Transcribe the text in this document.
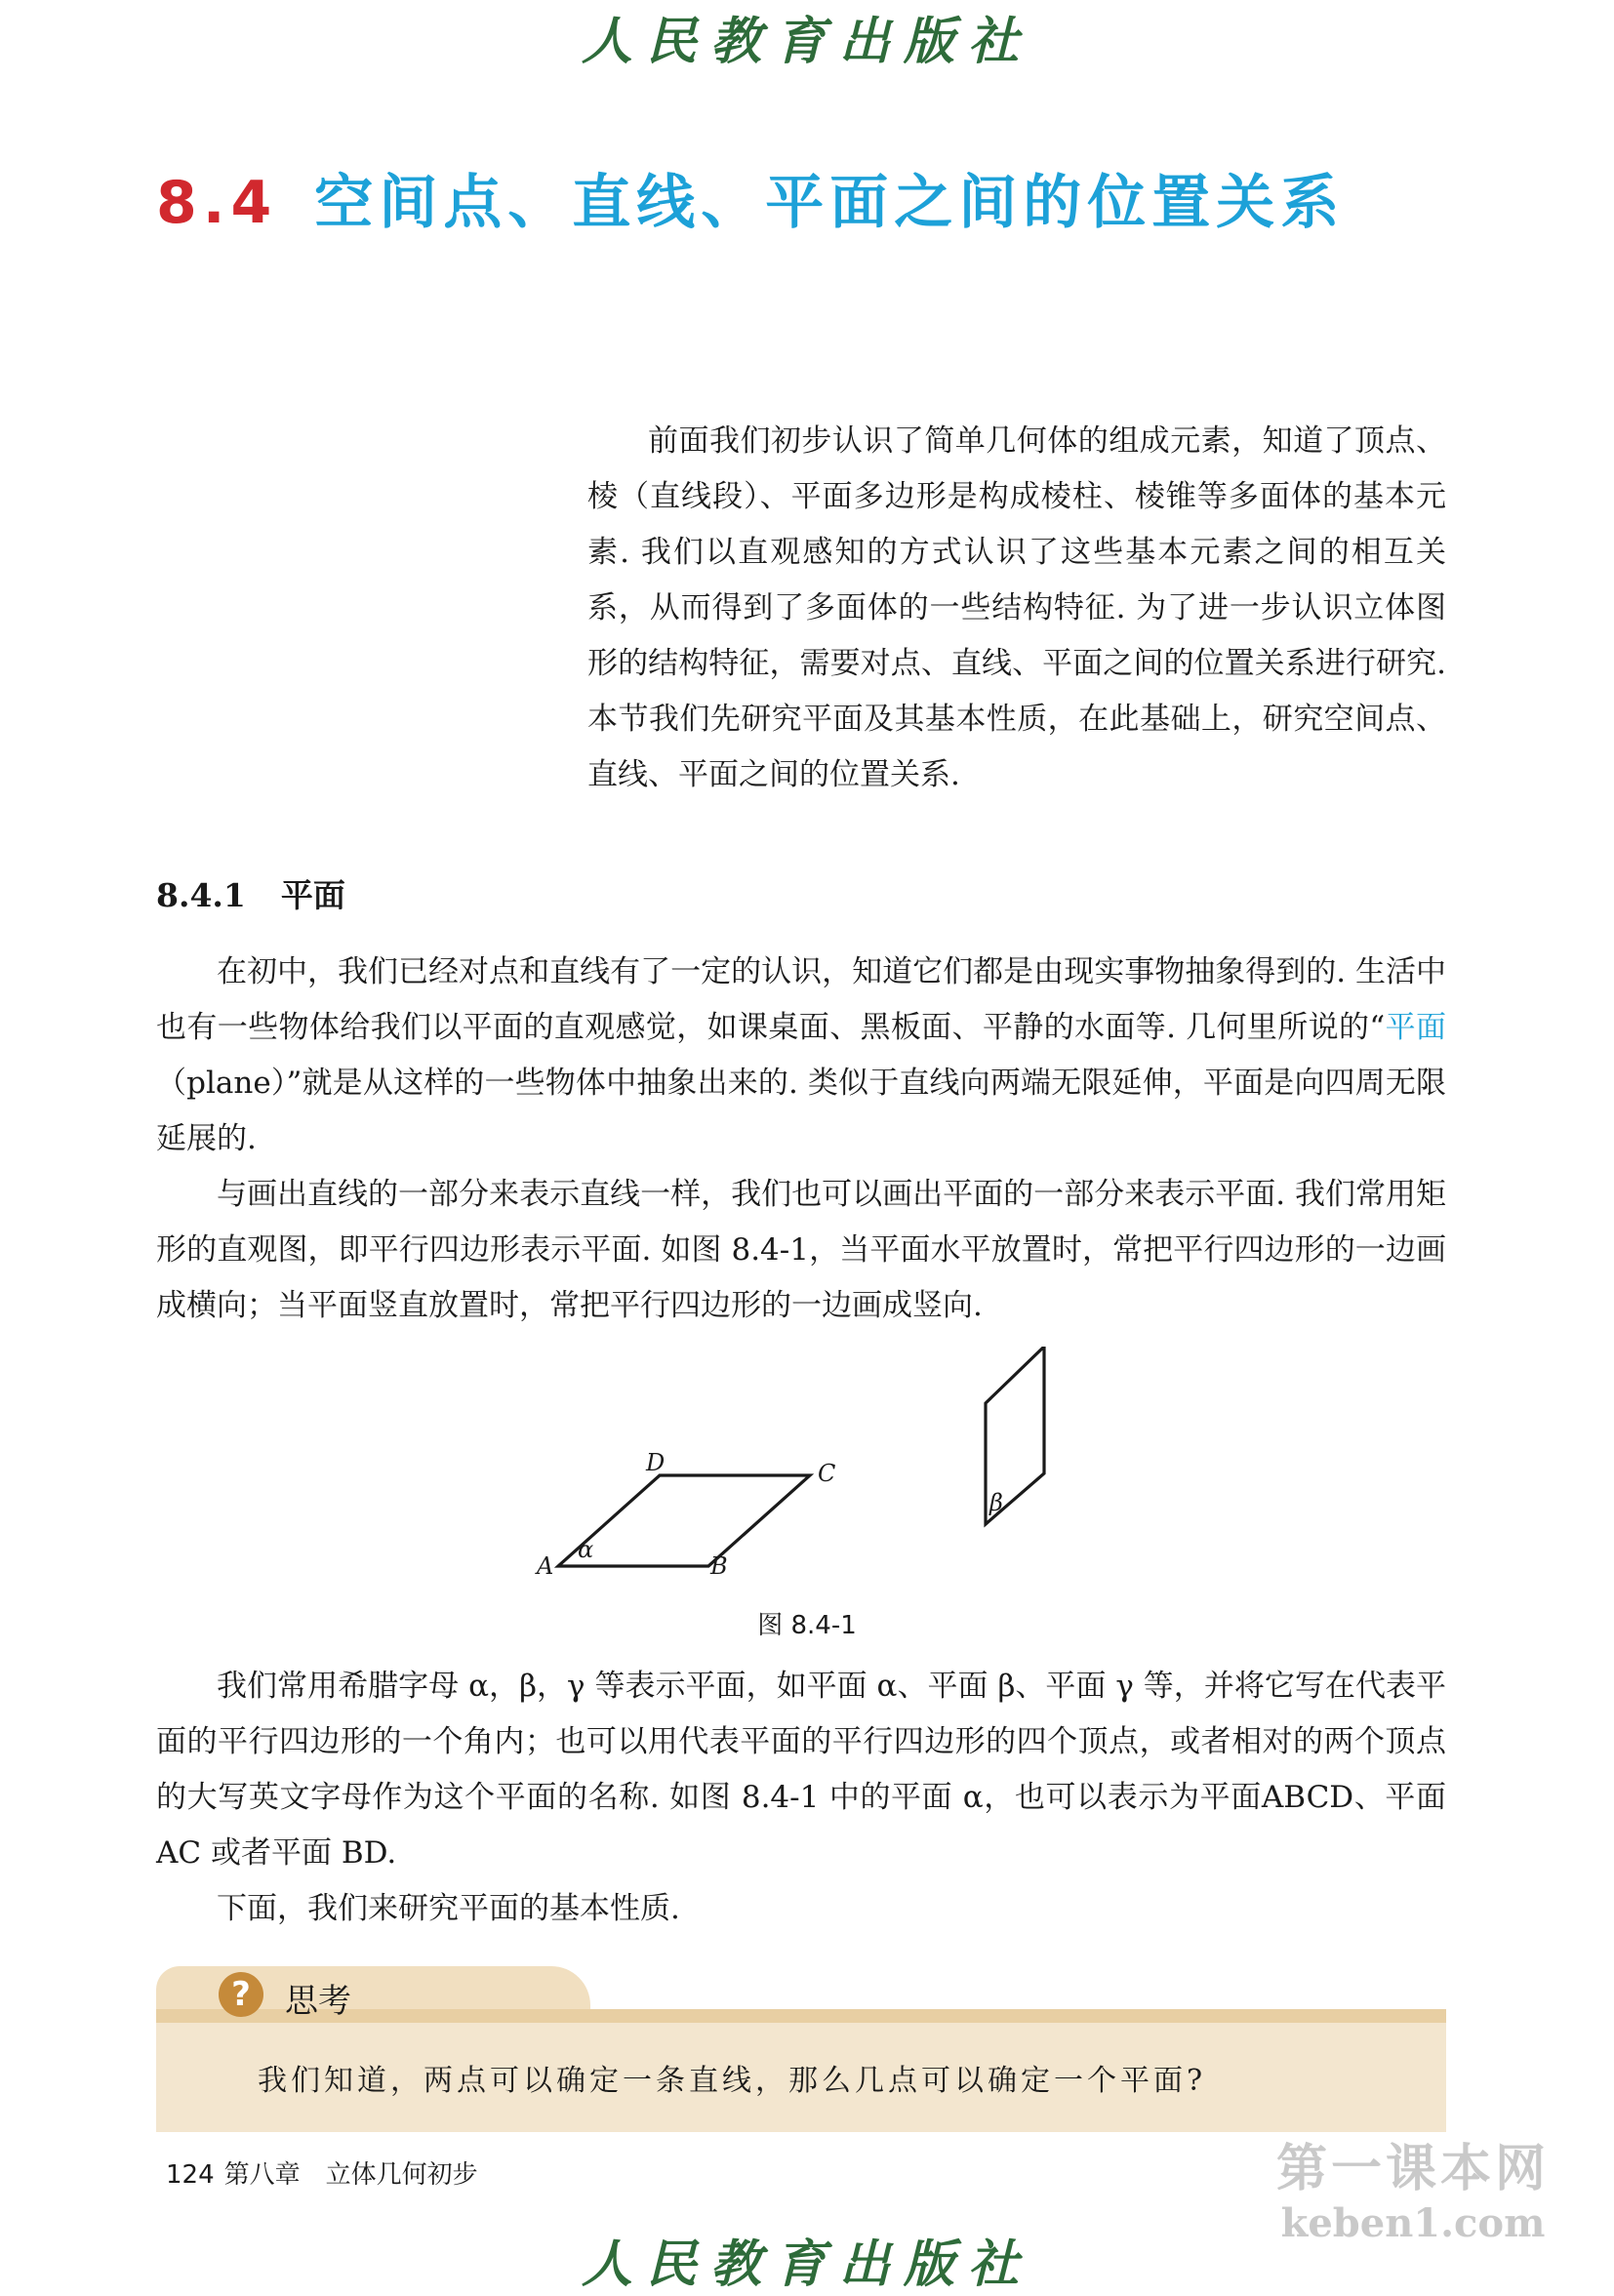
人民教育出版社
8.4 空间点、直线、平面之间的位置关系
前面我们初步认识了简单几何体的组成元素，知道了顶点、棱（直线段）、平面多边形是构成棱柱、棱锥等多面体的基本元素. 我们以直观感知的方式认识了这些基本元素之间的相互关系，从而得到了多面体的一些结构特征. 为了进一步认识立体图形的结构特征，需要对点、直线、平面之间的位置关系进行研究. 本节我们先研究平面及其基本性质，在此基础上，研究空间点、直线、平面之间的位置关系.
8.4.1 平面

在初中，我们已经对点和直线有了一定的认识，知道它们都是由现实事物抽象得到的. 生活中也有一些物体给我们以平面的直观感觉，如课桌面、黑板面、平静的水面等. 几何里所说的“平面（plane）”就是从这样的一些物体中抽象出来的. 类似于直线向两端无限延伸，平面是向四周无限延展的.

与画出直线的一部分来表示直线一样，我们也可以画出平面的一部分来表示平面. 我们常用矩形的直观图，即平行四边形表示平面. 如图 8.4-1，当平面水平放置时，常把平行四边形的一边画成横向；当平面竖直放置时，常把平行四边形的一边画成竖向.

A	B
C
D
α
β
图 8.4-1

我们常用希腊字母 α，β，γ 等表示平面，如平面 α、平面 β、平面 γ 等，并将它写在代表平面的平行四边形的一个角内；也可以用代表平面的平行四边形的四个顶点，或者相对的两个顶点的大写英文字母作为这个平面的名称. 如图 8.4-1 中的平面 α，也可以表示为平面ABCD、平面 AC 或者平面 BD.

下面，我们来研究平面的基本性质.

?	思考
我们知道，两点可以确定一条直线，那么几点可以确定一个平面?
124 第八章 立体几何初步	第一课本网
keben1.com
人民教育出版社
